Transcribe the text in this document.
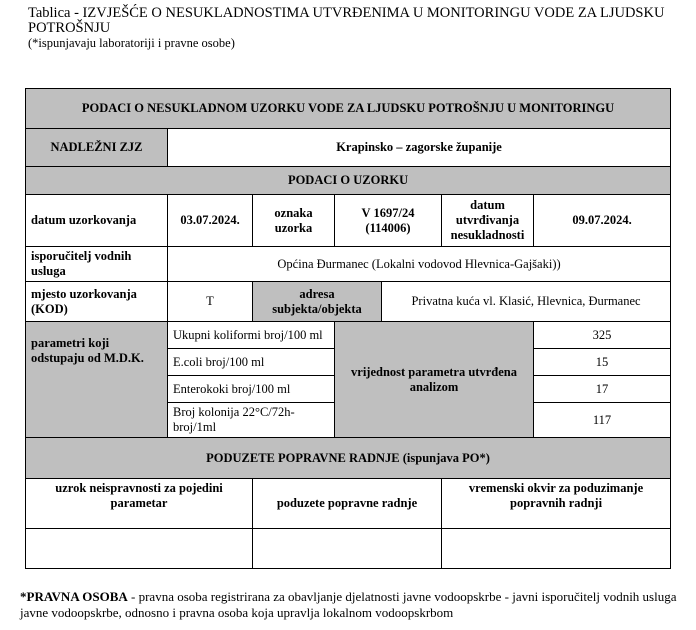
Tablica - IZVJEŠĆE O NESUKLADNOSTIMA UTVRĐENIMA U MONITORINGU VODE ZA LJUDSKU POTROŠNJU
(*ispunjavaju laboratoriji i pravne osobe)
PODACI O NESUKLADNOM UZORKU VODE ZA LJUDSKU POTROŠNJU U MONITORINGU						
NADLEŽNI ZJZ	Krapinsko – zagorske županije					
PODACI O UZORKU						
datum uzorkovanja	03.07.2024.	oznaka uzorka	V 1697/24 (114006)		datum utvrđivanja nesukladnosti	09.07.2024.
isporučitelj vodnih usluga	Općina Đurmanec (Lokalni vodovod Hlevnica-Gajšaki))					
mjesto uzorkovanja (KOD)	T	adresa subjekta/objekta		Privatna kuća vl. Klasić, Hlevnica, Đurmanec		
parametri koji odstupaju od M.D.K.	Ukupni koliformi broj/100 ml		vrijednost parametra utvrđena analizom			325
	E.coli broj/100 ml					15
	Enterokoki broj/100 ml					17
	Broj kolonija 22°C/72h-broj/1ml					117
PODUZETE POPRAVNE RADNJE (ispunjava PO*)						
uzrok neispravnosti za pojedini parametar		poduzete popravne radnje			vremenski okvir za poduzimanje popravnih radnji	

*PRAVNA OSOBA - pravna osoba registrirana za obavljanje djelatnosti javne vodoopskrbe - javni isporučitelj vodnih usluga javne vodoopskrbe, odnosno i pravna osoba koja upravlja lokalnom vodoopskrbom
